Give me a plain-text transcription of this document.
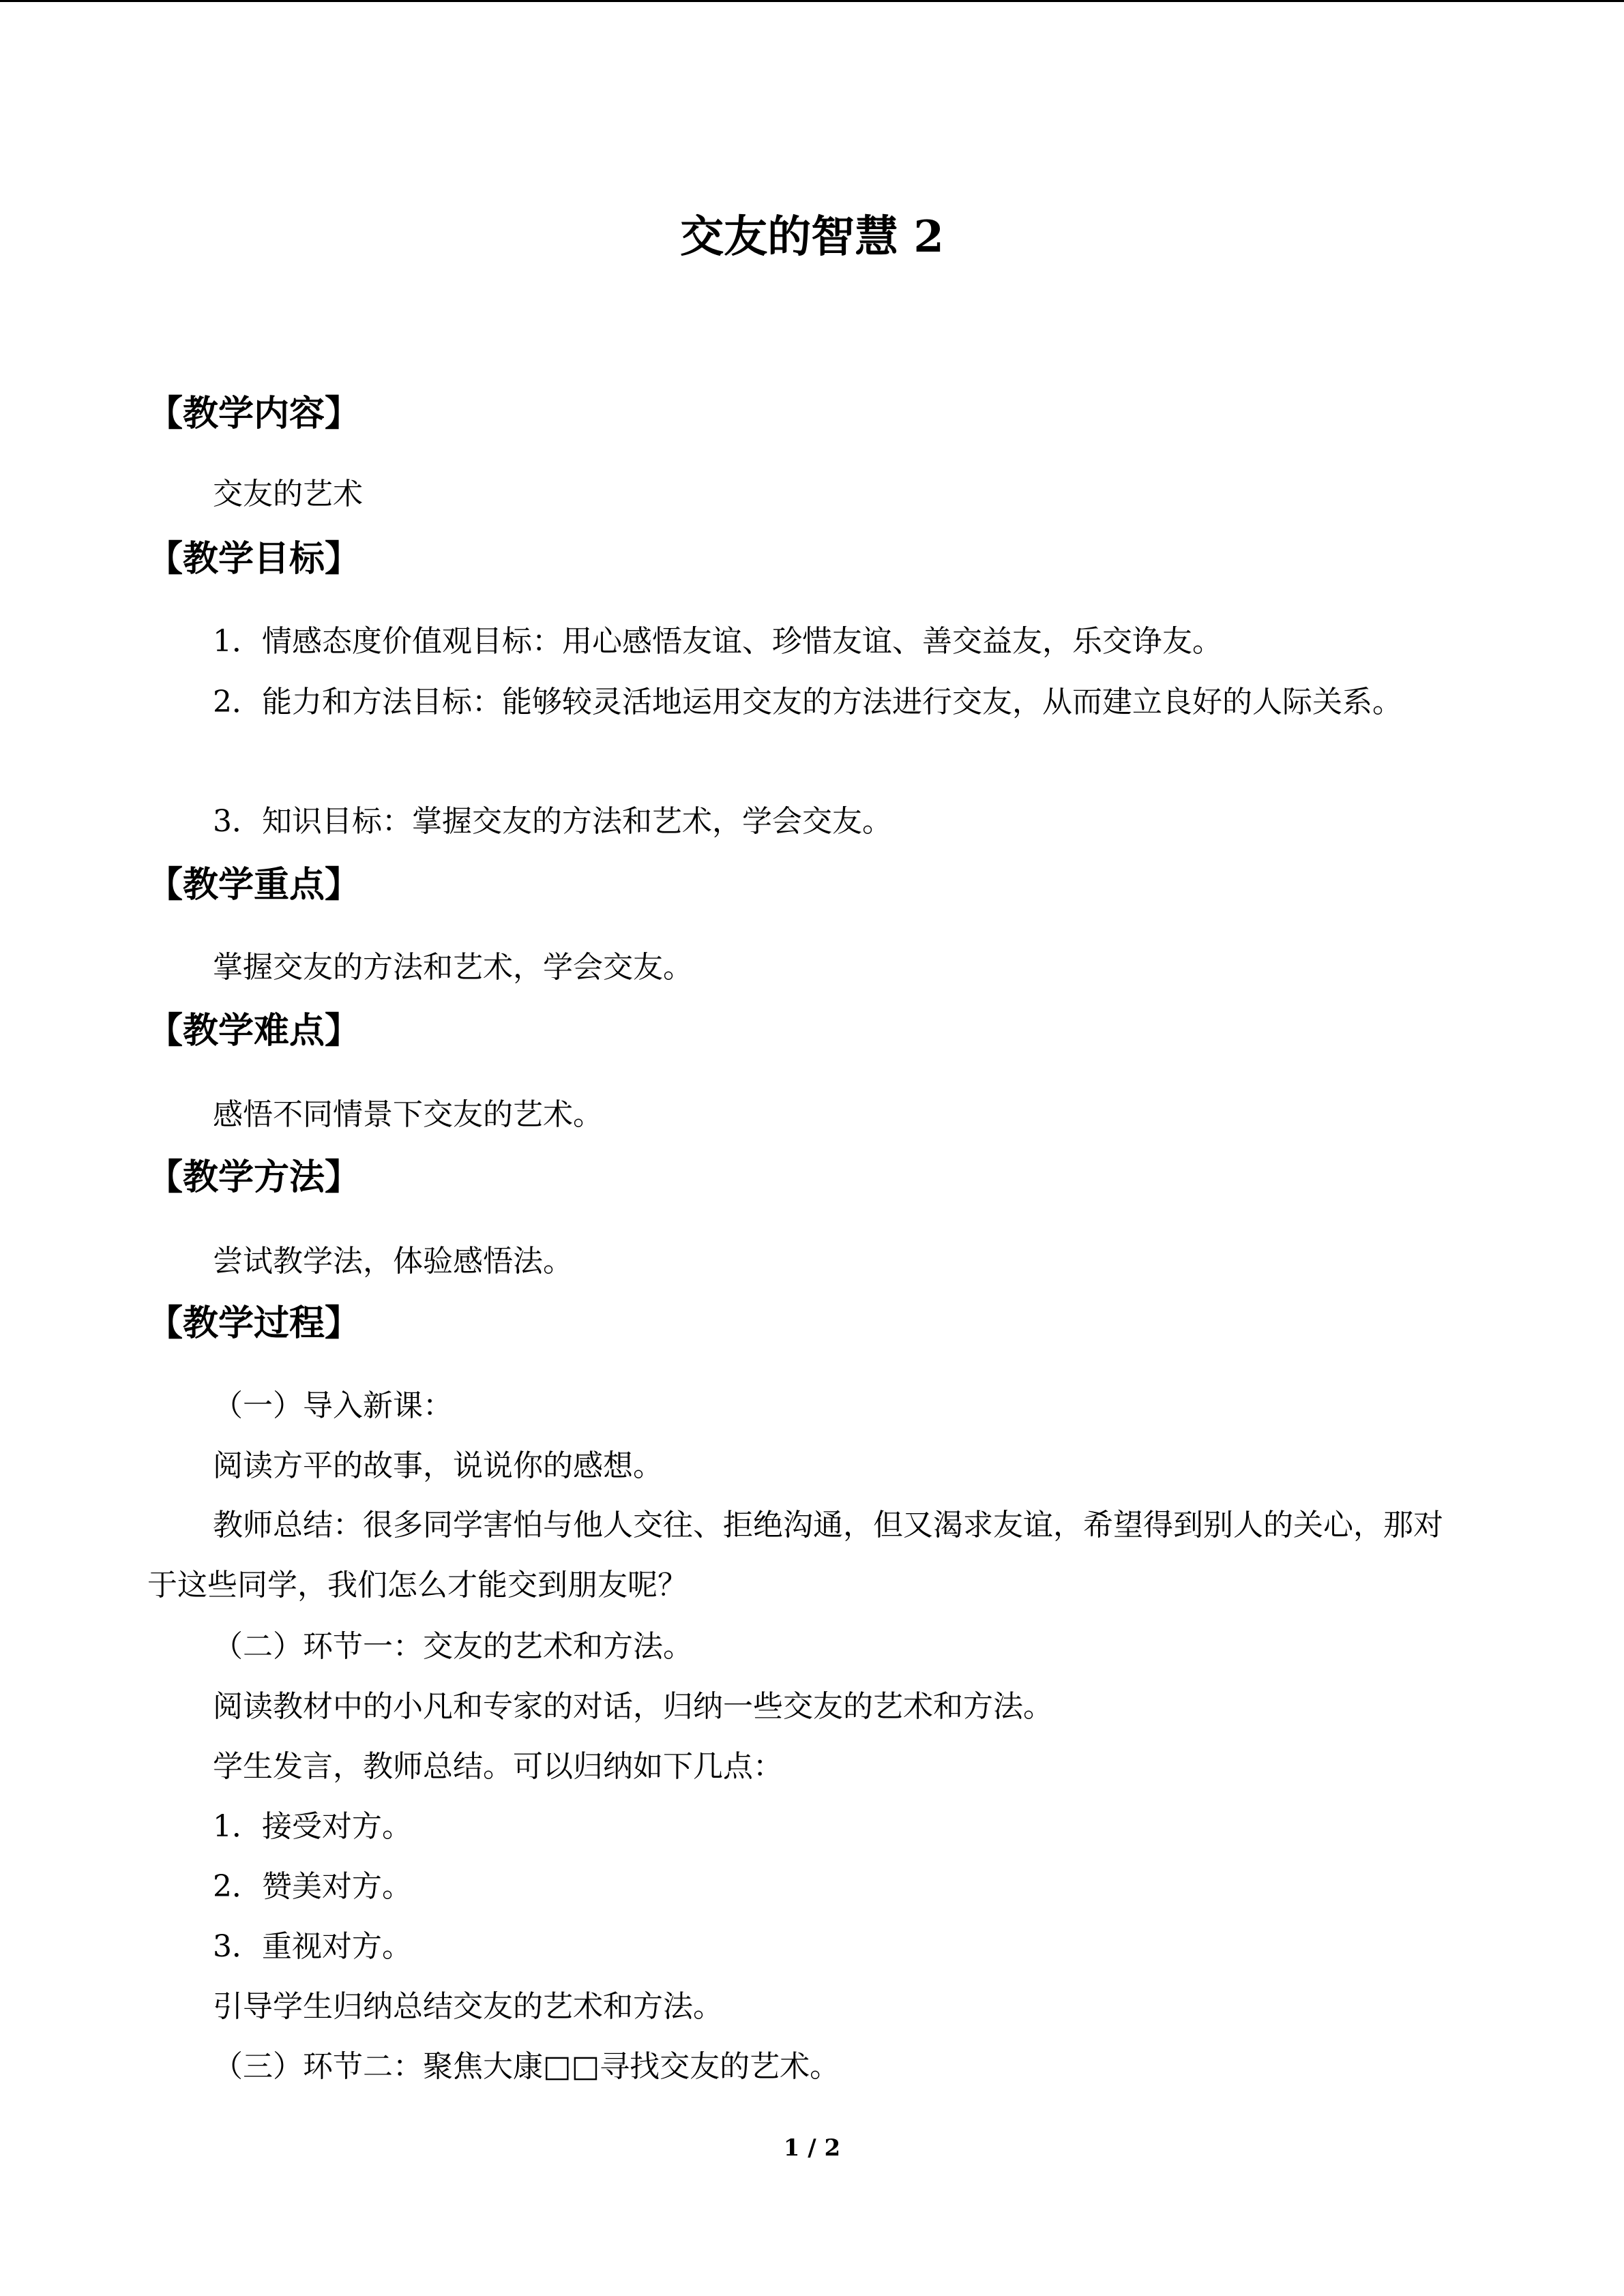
交友的智慧 2
【教学内容】

交友的艺术

【教学目标】

1．情感态度价值观目标：用心感悟友谊、珍惜友谊、善交益友，乐交诤友。

2．能力和方法目标：能够较灵活地运用交友的方法进行交友，从而建立良好的人际关系。

3．知识目标：掌握交友的方法和艺术，学会交友。

【教学重点】

掌握交友的方法和艺术，学会交友。

【教学难点】

感悟不同情景下交友的艺术。

【教学方法】

尝试教学法，体验感悟法。

【教学过程】

（一）导入新课：

阅读方平的故事，说说你的感想。

教师总结：很多同学害怕与他人交往、拒绝沟通，但又渴求友谊，希望得到别人的关心，那对于这些同学，我们怎么才能交到朋友呢？

（二）环节一：交友的艺术和方法。

阅读教材中的小凡和专家的对话，归纳一些交友的艺术和方法。

学生发言，教师总结。可以归纳如下几点：

1．接受对方。

2．赞美对方。

3．重视对方。

引导学生归纳总结交友的艺术和方法。

（三）环节二：聚焦大康□□寻找交友的艺术。

1 / 2
